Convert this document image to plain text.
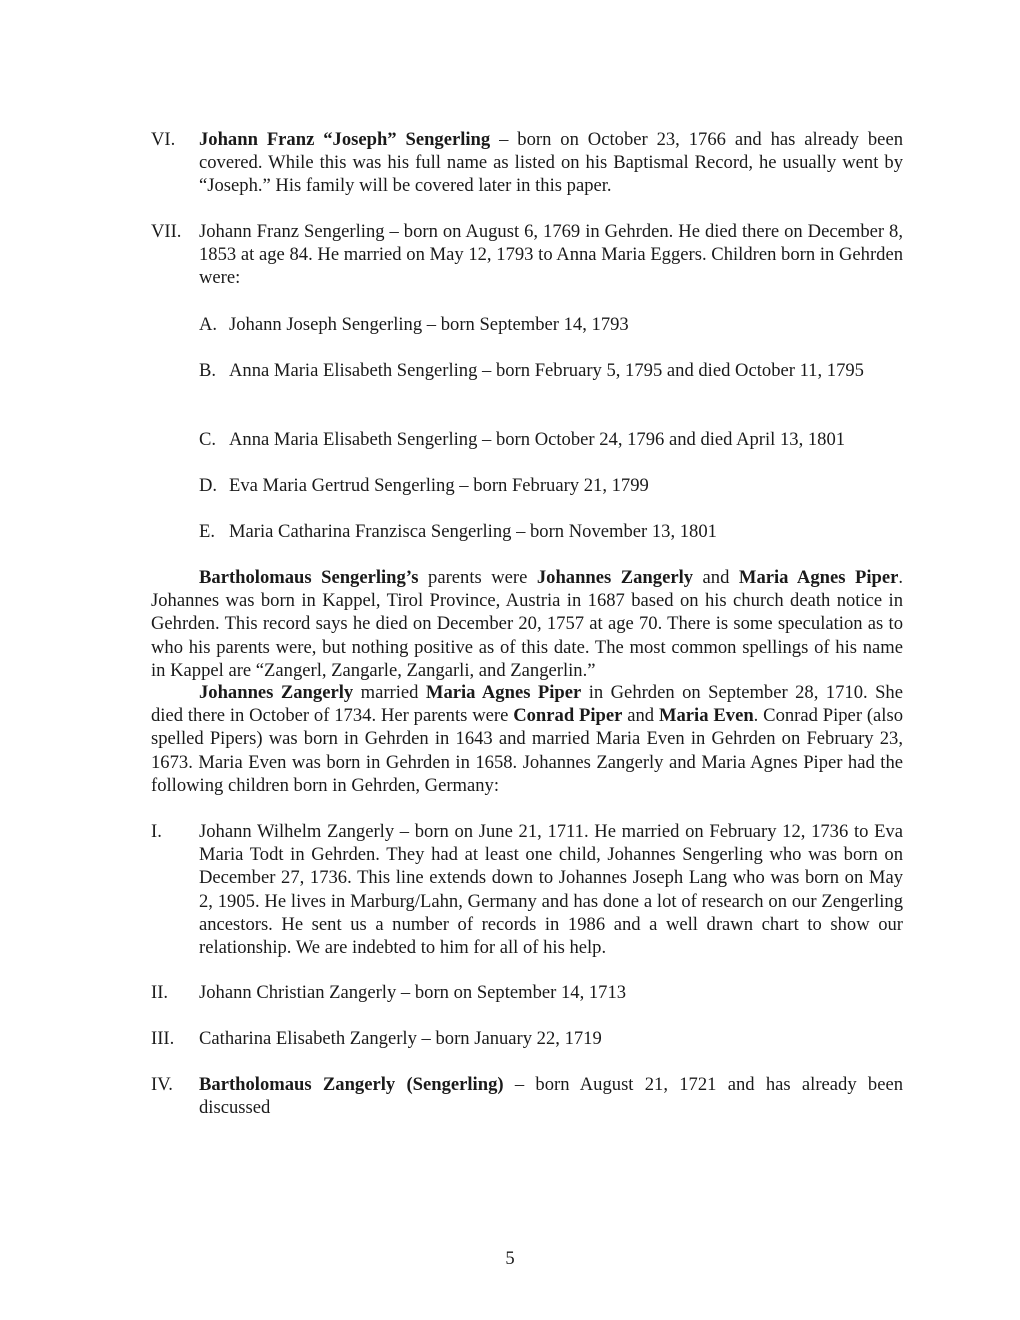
VI. Johann Franz “Joseph” Sengerling – born on October 23, 1766 and has already been covered. While this was his full name as listed on his Baptismal Record, he usually went by “Joseph.” His family will be covered later in this paper.

VII. Johann Franz Sengerling – born on August 6, 1769 in Gehrden. He died there on December 8, 1853 at age 84. He married on May 12, 1793 to Anna Maria Eggers. Children born in Gehrden were:

A. Johann Joseph Sengerling – born September 14, 1793

B. Anna Maria Elisabeth Sengerling – born February 5, 1795 and died October 11, 1795

C. Anna Maria Elisabeth Sengerling – born October 24, 1796 and died April 13, 1801

D. Eva Maria Gertrud Sengerling – born February 21, 1799

E. Maria Catharina Franzisca Sengerling – born November 13, 1801

Bartholomaus Sengerling’s parents were Johannes Zangerly and Maria Agnes Piper. Johannes was born in Kappel, Tirol Province, Austria in 1687 based on his church death notice in Gehrden. This record says he died on December 20, 1757 at age 70. There is some speculation as to who his parents were, but nothing positive as of this date. The most common spellings of his name in Kappel are “Zangerl, Zangarle, Zangarli, and Zangerlin.”

Johannes Zangerly married Maria Agnes Piper in Gehrden on September 28, 1710. She died there in October of 1734. Her parents were Conrad Piper and Maria Even. Conrad Piper (also spelled Pipers) was born in Gehrden in 1643 and married Maria Even in Gehrden on February 23, 1673. Maria Even was born in Gehrden in 1658. Johannes Zangerly and Maria Agnes Piper had the following children born in Gehrden, Germany:

I. Johann Wilhelm Zangerly – born on June 21, 1711. He married on February 12, 1736 to Eva Maria Todt in Gehrden. They had at least one child, Johannes Sengerling who was born on December 27, 1736. This line extends down to Johannes Joseph Lang who was born on May 2, 1905. He lives in Marburg/Lahn, Germany and has done a lot of research on our Zengerling ancestors. He sent us a number of records in 1986 and a well drawn chart to show our relationship. We are indebted to him for all of his help.

II. Johann Christian Zangerly – born on September 14, 1713

III. Catharina Elisabeth Zangerly – born January 22, 1719

IV. Bartholomaus Zangerly (Sengerling) – born August 21, 1721 and has already been discussed

5
